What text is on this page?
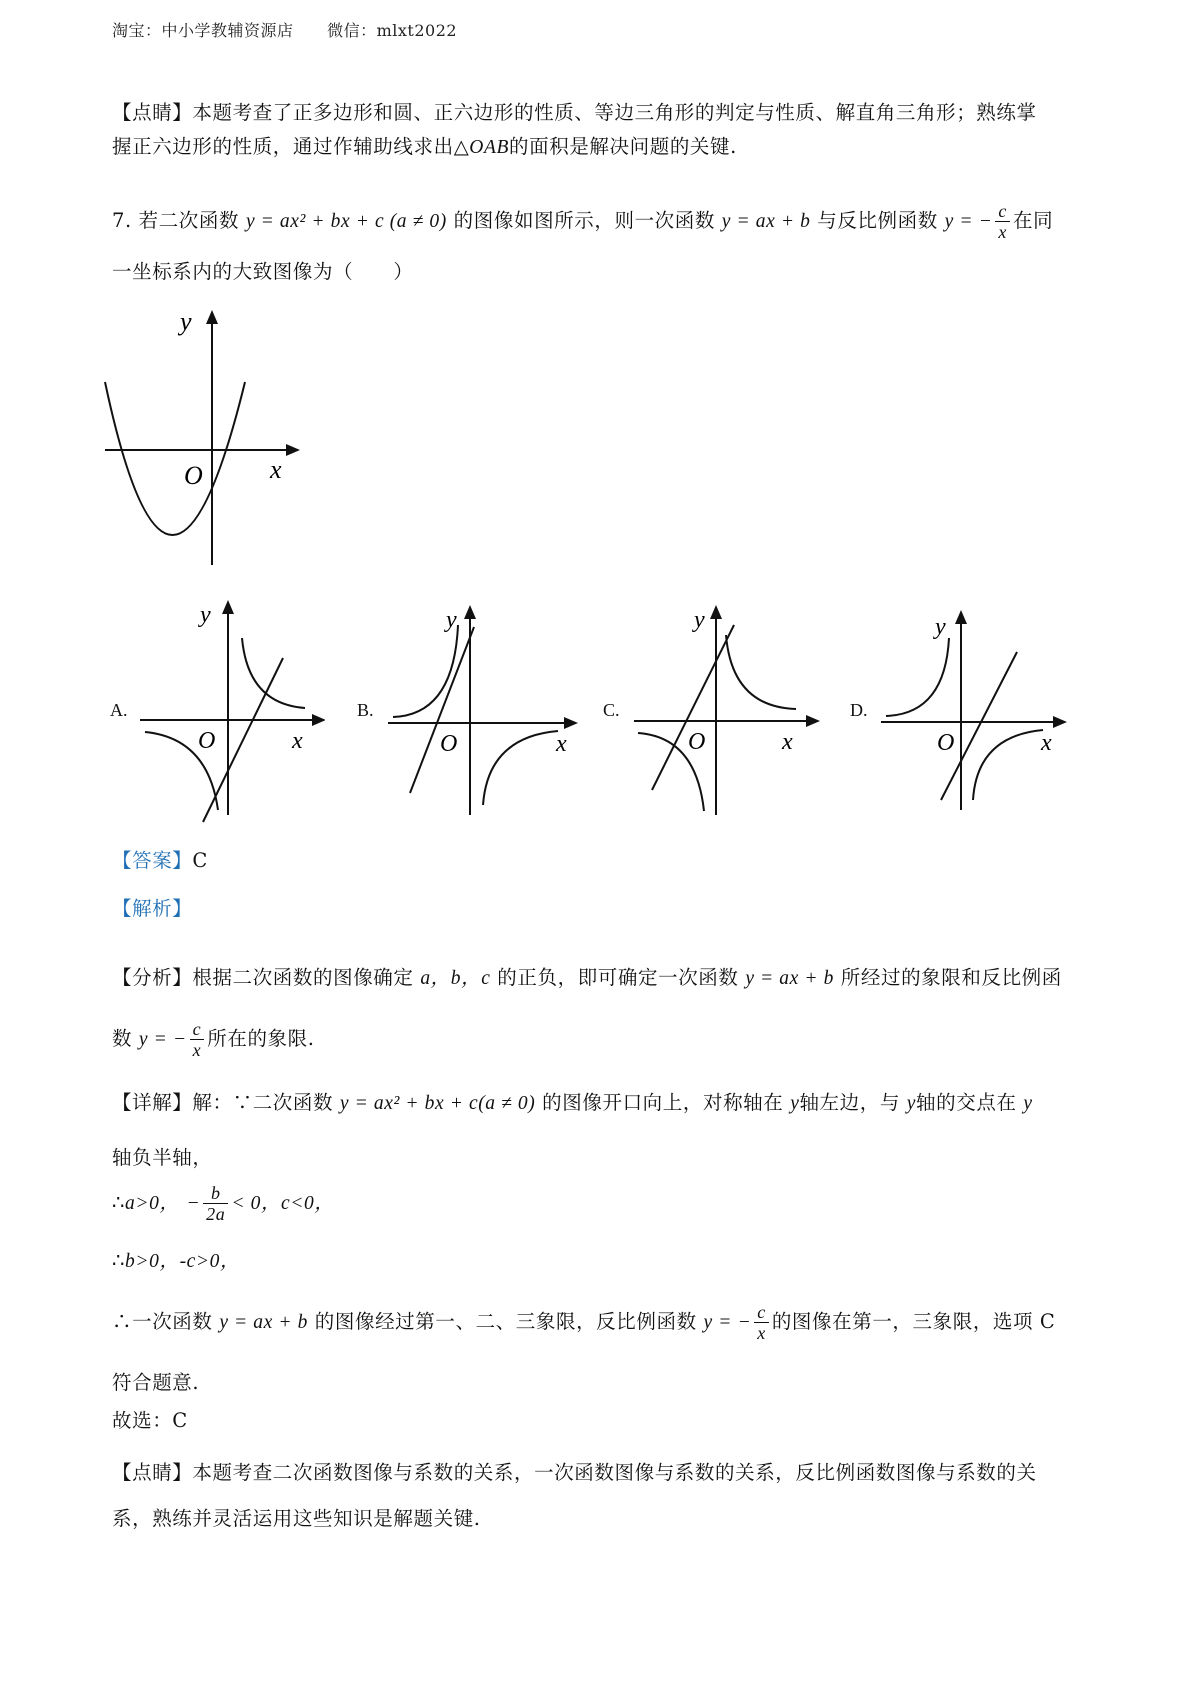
淘宝：中小学教辅资源店 微信：mlxt2022
【点睛】本题考查了正多边形和圆、正六边形的性质、等边三角形的判定与性质、解直角三角形；熟练掌
握正六边形的性质，通过作辅助线求出△OAB的面积是解决问题的关键.
7. 若二次函数 y = ax² + bx + c (a ≠ 0) 的图像如图所示，则一次函数 y = ax + b 与反比例函数 y = − $\frac{c}{x}$ 在同
一坐标系内的大致图像为（　　）
y
x
O
A.
y
x
O
B.
y
x
O
C.
y
x
O
D.
y
x
O
【答案】C
【解析】
【分析】根据二次函数的图像确定 a，b，c 的正负，即可确定一次函数 y = ax + b 所经过的象限和反比例函
数 y = − $\frac{c}{x}$ 所在的象限.
【详解】解：∵二次函数 y = ax² + bx + c(a ≠ 0) 的图像开口向上，对称轴在 y轴左边，与 y轴的交点在 y
轴负半轴，
∴a>0， − $\frac{b}{2a} < 0$，c<0，
∴b>0，-c>0，
∴一次函数 y = ax + b 的图像经过第一、二、三象限，反比例函数 y = − $\frac{c}{x}$ 的图像在第一，三象限，选项 C
符合题意.
故选：C
【点睛】本题考查二次函数图像与系数的关系，一次函数图像与系数的关系，反比例函数图像与系数的关
系，熟练并灵活运用这些知识是解题关键.
